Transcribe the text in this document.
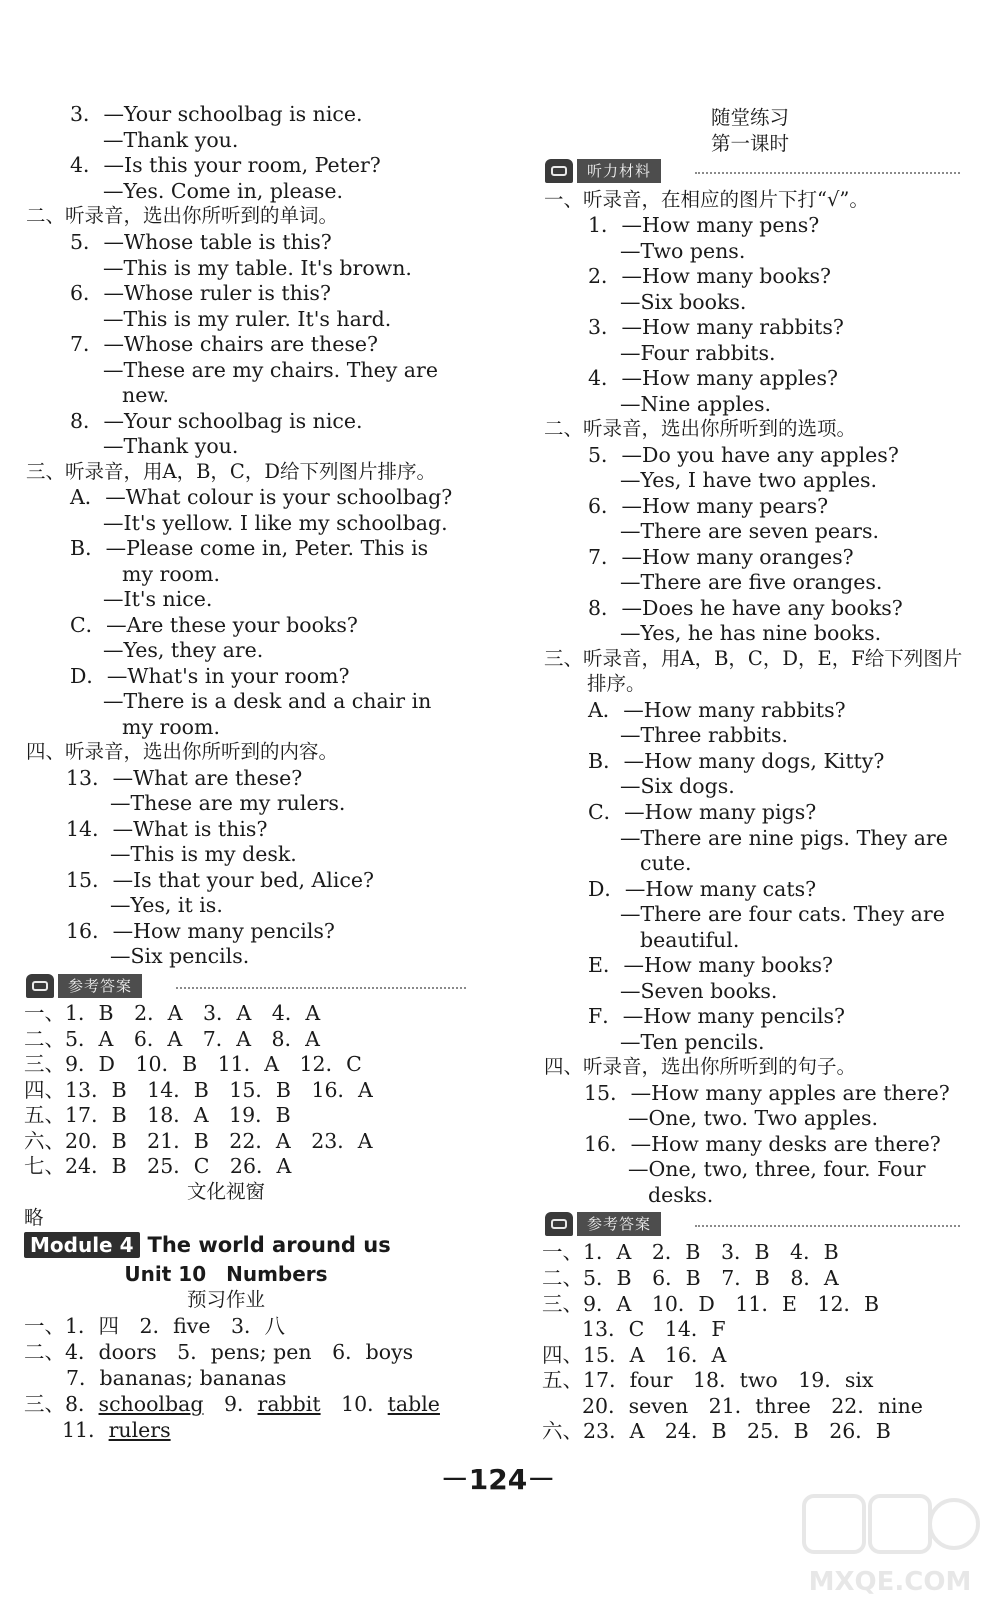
3．—Your schoolbag is nice.
—Thank you.
4．—Is this your room, Peter?
—Yes. Come in, please.
二、听录音，选出你所听到的单词。
5．—Whose table is this?
—This is my table. It's brown.
6．—Whose ruler is this?
—This is my ruler. It's hard.
7．—Whose chairs are these?
—These are my chairs. They are
new.
8．—Your schoolbag is nice.
—Thank you.
三、听录音，用A，B，C，D给下列图片排序。
A．—What colour is your schoolbag?
—It's yellow. I like my schoolbag.
B．—Please come in, Peter. This is
my room.
—It's nice.
C．—Are these your books?
—Yes, they are.
D．—What's in your room?
—There is a desk and a chair in
my room.
四、听录音，选出你所听到的内容。
13．—What are these?
—These are my rulers.
14．—What is this?
—This is my desk.
15．—Is that your bed, Alice?
—Yes, it is.
16．—How many pencils?
—Six pencils.
参考答案
一、1．B　2．A　3．A　4．A
二、5．A　6．A　7．A　8．A
三、9．D　10．B　11．A　12．C
四、13．B　14．B　15．B　16．A
五、17．B　18．A　19．B
六、20．B　21．B　22．A　23．A
七、24．B　25．C　26．A
文化视窗
略
Module 4 The world around us
Unit 10　Numbers
预习作业
一、1．四　2．five　3．八
二、4．doors　5．pens; pen　6．boys
7．bananas; bananas
三、8．schoolbag　9．rabbit　10．table
11．rulers
随堂练习
第一课时
听力材料
一、听录音，在相应的图片下打“√”。
1．—How many pens?
—Two pens.
2．—How many books?
—Six books.
3．—How many rabbits?
—Four rabbits.
4．—How many apples?
—Nine apples.
二、听录音，选出你所听到的选项。
5．—Do you have any apples?
—Yes, I have two apples.
6．—How many pears?
—There are seven pears.
7．—How many oranges?
—There are five oranges.
8．—Does he have any books?
—Yes, he has nine books.
三、听录音，用A，B，C，D，E，F给下列图片
排序。
A．—How many rabbits?
—Three rabbits.
B．—How many dogs, Kitty?
—Six dogs.
C．—How many pigs?
—There are nine pigs. They are
cute.
D．—How many cats?
—There are four cats. They are
beautiful.
E．—How many books?
—Seven books.
F．—How many pencils?
—Ten pencils.
四、听录音，选出你所听到的句子。
15．—How many apples are there?
—One, two. Two apples.
16．—How many desks are there?
—One, two, three, four. Four
desks.
参考答案
一、1．A　2．B　3．B　4．B
二、5．B　6．B　7．B　8．A
三、9．A　10．D　11．E　12．B
13．C　14．F
四、15．A　16．A
五、17．four　18．two　19．six
20．seven　21．three　22．nine
六、23．A　24．B　25．B　26．B
－124－
MXQE.COM
